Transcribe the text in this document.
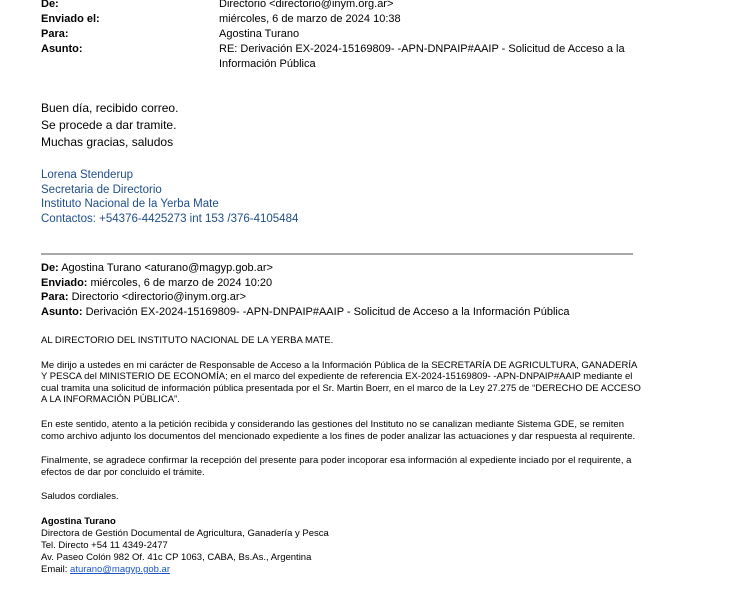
De:	Directorio <directorio@inym.org.ar>
Enviado el:	miércoles, 6 de marzo de 2024 10:38
Para:	Agostina Turano
Asunto:	RE: Derivación EX-2024-15169809- -APN-DNPAIP#AAIP - Solicitud de Acceso a la Información Pública
Buen día, recibido correo.
Se procede a dar tramite.
Muchas gracias, saludos
Lorena Stenderup
Secretaria de Directorio
Instituto Nacional de la Yerba Mate
Contactos: +54376-4425273 int 153 /376-4105484
De: Agostina Turano <aturano@magyp.gob.ar>
Enviado: miércoles, 6 de marzo de 2024 10:20
Para: Directorio <directorio@inym.org.ar>
Asunto: Derivación EX-2024-15169809- -APN-DNPAIP#AAIP - Solicitud de Acceso a la Información Pública

AL DIRECTORIO DEL INSTITUTO NACIONAL DE LA YERBA MATE.

Me dirijo a ustedes en mi carácter de Responsable de Acceso a la Información Pública de la SECRETARÍA DE AGRICULTURA, GANADERÍA Y PESCA del MINISTERIO DE ECONOMÍA; en el marco del expediente de referencia EX-2024-15169809- -APN-DNPAIP#AAIP mediante el cual tramita una solicitud de información pública presentada por el Sr. Martin Boerr, en el marco de la Ley 27.275 de “DERECHO DE ACCESO A LA INFORMACIÓN PÚBLICA”.

En este sentido, atento a la petición recibida y considerando las gestiones del Instituto no se canalizan mediante Sistema GDE, se remiten como archivo adjunto los documentos del mencionado expediente a los fines de poder analizar las actuaciones y dar respuesta al requirente.

Finalmente, se agradece confirmar la recepción del presente para poder incoporar esa información al expediente inciado por el requirente, a efectos de dar por concluido el trámite.

Saludos cordiales.

Agostina Turano
Directora de Gestión Documental de Agricultura, Ganadería y Pesca
Tel. Directo +54 11 4349-2477
Av. Paseo Colón 982 Of. 41c CP 1063, CABA, Bs.As., Argentina
Email: aturano@magyp.gob.ar
